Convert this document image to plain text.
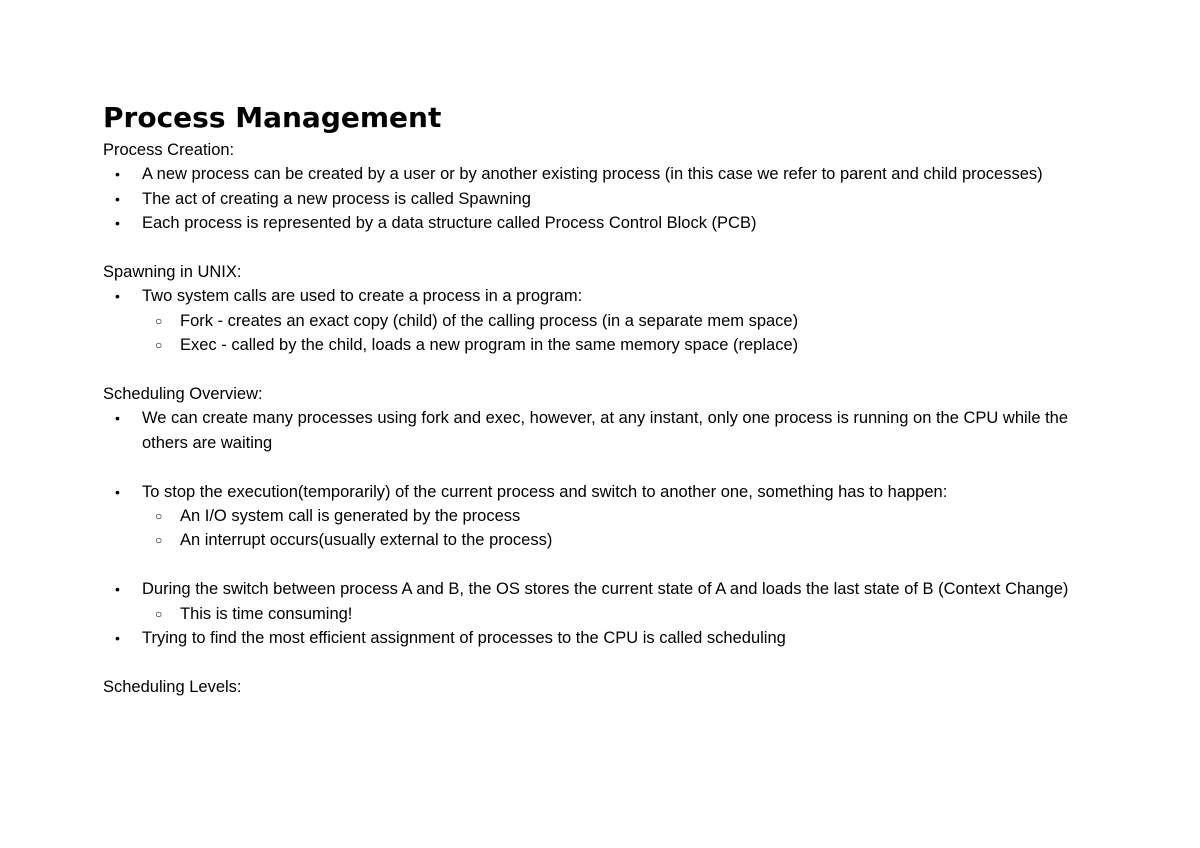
Process Management

Process Creation:

• A new process can be created by a user or by another existing process (in this case we refer to parent and child processes)
• The act of creating a new process is called Spawning
• Each process is represented by a data structure called Process Control Block (PCB)

Spawning in UNIX:

• Two system calls are used to create a process in a program:
○ Fork - creates an exact copy (child) of the calling process (in a separate mem space)
○ Exec - called by the child, loads a new program in the same memory space (replace)

Scheduling Overview:

• We can create many processes using fork and exec, however, at any instant, only one process is running on the CPU while the others are waiting
• To stop the execution(temporarily) of the current process and switch to another one, something has to happen:
○ An I/O system call is generated by the process
○ An interrupt occurs(usually external to the process)
• During the switch between process A and B, the OS stores the current state of A and loads the last state of B (Context Change)
○ This is time consuming!
• Trying to find the most efficient assignment of processes to the CPU is called scheduling

Scheduling Levels:
